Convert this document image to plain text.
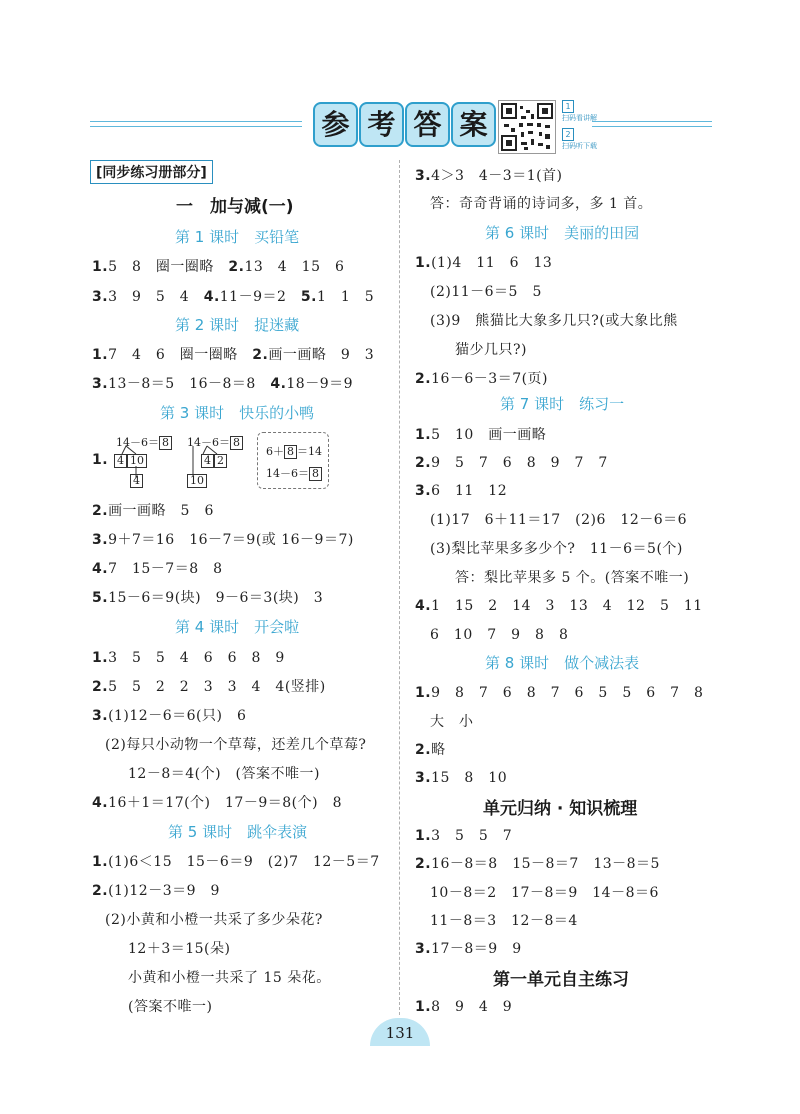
参 考 答 案
1
扫码看讲解
2
扫码听下载
[同步练习册部分]
一　加与减(一)
第 1 课时　买铅笔
1.5　8　圈一圈略　2.13　4　15　6
3.3　9　5　4　4.11－9＝2　5.1　1　5
第 2 课时　捉迷藏
1.7　4　6　圈一圈略　2.画一画略　9　3
3.13－8＝5　16－8＝8　4.18－9＝9
第 3 课时　快乐的小鸭
1.
14－6＝ 8
4 10
4
14－6＝ 8
4 2
10
6＋ 8 ＝14
14－6＝ 8
2.画一画略　5　6
3.9＋7＝16　16－7＝9(或 16－9＝7)
4.7　15－7＝8　8
5.15－6＝9(块)　9－6＝3(块)　3
第 4 课时　开会啦
1.3　5　5　4　6　6　8　9
2.5　5　2　2　3　3　4　4(竖排)
3.(1)12－6＝6(只)　6
(2)每只小动物一个草莓，还差几个草莓?
12－8＝4(个)　(答案不唯一)
4.16＋1＝17(个)　17－9＝8(个)　8
第 5 课时　跳伞表演
1.(1)6＜15　15－6＝9　(2)7　12－5＝7
2.(1)12－3＝9　9
(2)小黄和小橙一共采了多少朵花?
12＋3＝15(朵)
小黄和小橙一共采了 15 朵花。
(答案不唯一)
3.4＞3　4－3＝1(首)
答：奇奇背诵的诗词多，多 1 首。
第 6 课时　美丽的田园
1.(1)4　11　6　13
(2)11－6＝5　5
(3)9　熊猫比大象多几只?(或大象比熊
猫少几只?)
2.16－6－3＝7(页)
第 7 课时　练习一
1.5　10　画一画略
2.9　5　7　6　8　9　7　7
3.6　11　12
(1)17　6＋11＝17　(2)6　12－6＝6
(3)梨比苹果多多少个?　11－6＝5(个)
答：梨比苹果多 5 个。(答案不唯一)
4.1　15　2　14　3　13　4　12　5　11
6　10　7　9　8　8
第 8 课时　做个减法表
1.9　8　7　6　8　7　6　5　5　6　7　8
大　小
2.略
3.15　8　10
单元归纳 · 知识梳理
1.3　5　5　7
2.16－8＝8　15－8＝7　13－8＝5
10－8＝2　17－8＝9　14－8＝6
11－8＝3　12－8＝4
3.17－8＝9　9
第一单元自主练习
1.8　9　4　9
131
